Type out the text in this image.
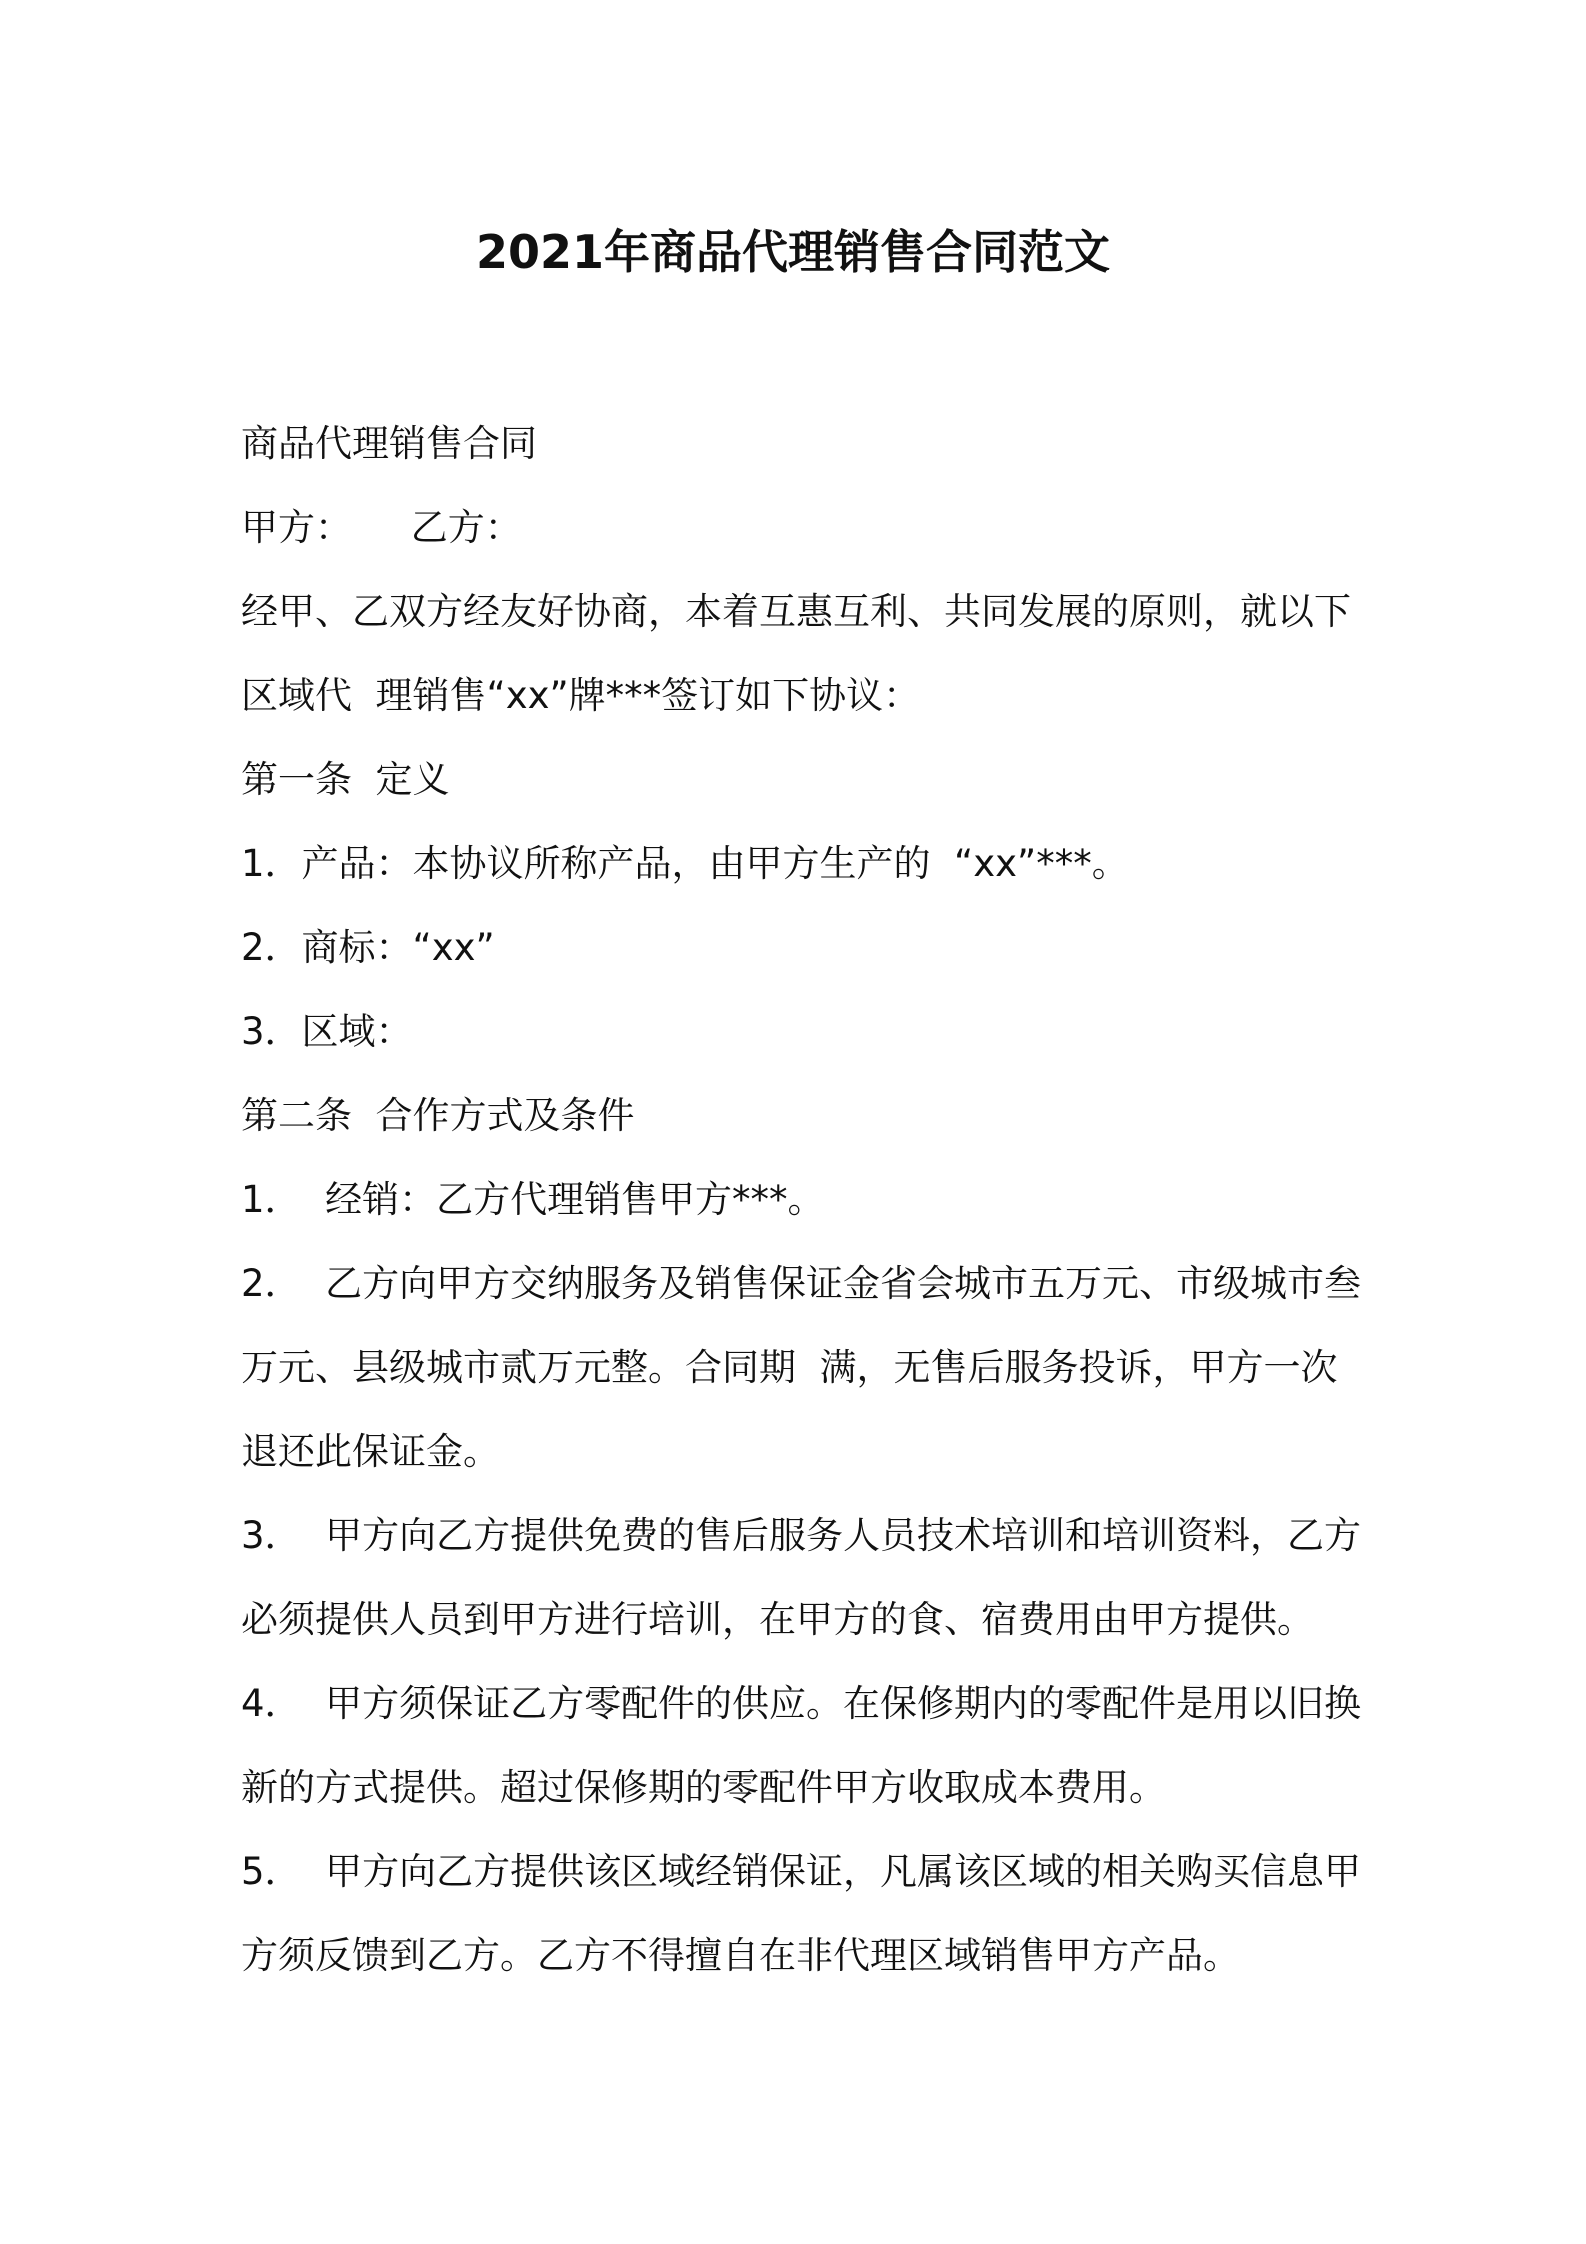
2021年商品代理销售合同范文
商品代理销售合同
甲方：     乙方：
经甲、乙双方经友好协商，本着互惠互利、共同发展的原则，就以下
区域代  理销售“xx”牌***签订如下协议：
第一条  定义
1．产品：本协议所称产品，由甲方生产的  “xx”***。
2．商标：“xx”
3．区域：
第二条  合作方式及条件
1．  经销：乙方代理销售甲方***。
2．  乙方向甲方交纳服务及销售保证金省会城市五万元、市级城市叁
万元、县级城市贰万元整。合同期  满，无售后服务投诉，甲方一次
退还此保证金。
3．  甲方向乙方提供免费的售后服务人员技术培训和培训资料，乙方
必须提供人员到甲方进行培训，在甲方的食、宿费用由甲方提供。
4．  甲方须保证乙方零配件的供应。在保修期内的零配件是用以旧换
新的方式提供。超过保修期的零配件甲方收取成本费用。
5．  甲方向乙方提供该区域经销保证，凡属该区域的相关购买信息甲
方须反馈到乙方。乙方不得擅自在非代理区域销售甲方产品。
